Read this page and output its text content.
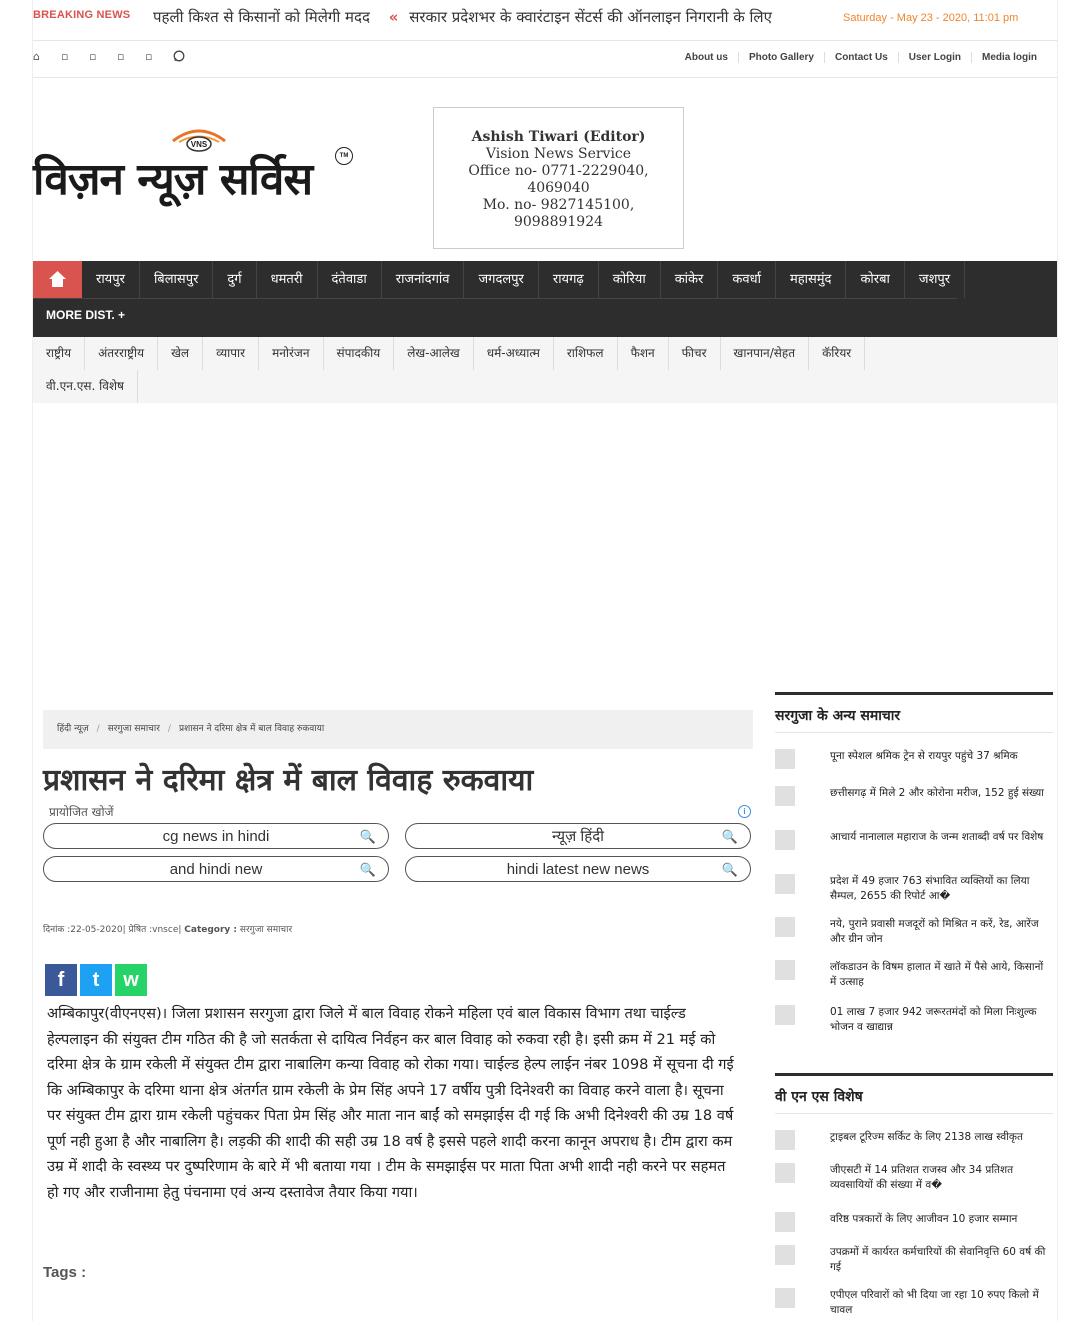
BREAKING NEWS पहली किश्त से किसानों को मिलेगी मदद « सरकार प्रदेशभर के क्वारंटाइन सेंटर्स की ऑनलाइन निगरानी के लिए	Saturday - May 23 - 2020, 11:01 pm
⌂	▫	▫	▫	▫	About us	Photo Gallery	Contact Us	User Login	Media login
VNS
विज़न न्यूज़ सर्विस	TM
Ashish Tiwari (Editor)
Vision News Service
Office no- 0771-2229040,
4069040
Mo. no- 9827145100,
9098891924
रायपुर	बिलासपुर	दुर्ग	धमतरी	दंतेवाडा	राजनांदगांव	जगदलपुर	रायगढ़	कोरिया	कांकेर	कवर्धा	महासमुंद	कोरबा	जशपुर
MORE DIST. +
राष्ट्रीय	अंतरराष्ट्रीय	खेल	व्यापार	मनोरंजन	संपादकीय	लेख-आलेख	धर्म-अध्यात्म	राशिफल	फैशन	फीचर	खानपान/सेहत	कॅरियर
वी.एन.एस. विशेष
हिंदी न्यूज़ / सरगुजा समाचार / प्रशासन ने दरिमा क्षेत्र में बाल विवाह रुकवाया
प्रशासन ने दरिमा क्षेत्र में बाल विवाह रुकवाया
प्रायोजित खोजें	i
cg news in hindi	🔍	न्यूज़ हिंदी	🔍
and hindi new	🔍	hindi latest new news	🔍
दिनांक :22-05-2020| प्रेषित :vnsce| Category : सरगुजा समाचार
f	t	w
अम्बिकापुर(वीएनएस)। जिला प्रशासन सरगुजा द्वारा जिले में बाल विवाह रोकने महिला एवं बाल विकास विभाग तथा चाईल्ड हेल्पलाइन की संयुक्त टीम गठित की है जो सतर्कता से दायित्व निर्वहन कर बाल विवाह को रुकवा रही है। इसी क्रम में 21 मई को दरिमा क्षेत्र के ग्राम रकेली में संयुक्त टीम द्वारा नाबालिग कन्या विवाह को रोका गया। चाईल्ड हेल्प लाईन नंबर 1098 में सूचना दी गई कि अम्बिकापुर के दरिमा थाना क्षेत्र अंतर्गत ग्राम रकेली के प्रेम सिंह अपने 17 वर्षीय पुत्री दिनेश्वरी का विवाह करने वाला है। सूचना पर संयुक्त टीम द्वारा ग्राम रकेली पहुंचकर पिता प्रेम सिंह और माता नान बाईं को समझाईस दी गई कि अभी दिनेश्वरी की उम्र 18 वर्ष पूर्ण नही हुआ है और नाबालिग है। लड़की की शादी की सही उम्र 18 वर्ष है इससे पहले शादी करना कानून अपराध है। टीम द्वारा कम उम्र में शादी के स्वस्थ्य पर दुष्परिणाम के बारे में भी बताया गया । टीम के समझाईस पर माता पिता अभी शादी नही करने पर सहमत हो गए और राजीनामा हेतु पंचनामा एवं अन्य दस्तावेज तैयार किया गया।
Tags :
सरगुजा के अन्य समाचार
पूना स्पेशल श्रमिक ट्रेन से रायपुर पहुंचे 37 श्रमिक
छत्तीसगढ़ में मिले 2 और कोरोना मरीज, 152 हुई संख्या
आचार्य नानालाल महाराज के जन्म शताब्दी वर्ष पर विशेष
प्रदेश में 49 हजार 763 संभावित व्यक्तियों का लिया सैम्पल, 2655 की रिपोर्ट आ�
नये, पुराने प्रवासी मजदूरों को मिश्रित न करें, रेड, आरेंज और ग्रीन जोन
लॉकडाउन के विषम हालात में खाते में पैसे आये, किसानों में उत्साह
01 लाख 7 हजार 942 जरूरतमंदों को मिला निःशुल्क भोजन व खाद्यान्न
वी एन एस विशेष
ट्राइबल टूरिज्म सर्किट के लिए 2138 लाख स्वीकृत
जीएसटी में 14 प्रतिशत राजस्व और 34 प्रतिशत व्यवसायियों की संख्या में व�
वरिष्ठ पत्रकारों के लिए आजीवन 10 हजार सम्मान
उपक्रमों में कार्यरत कर्मचारियों की सेवानिवृत्ति 60 वर्ष की गई
एपीएल परिवारों को भी दिया जा रहा 10 रुपए किलो में चावल
